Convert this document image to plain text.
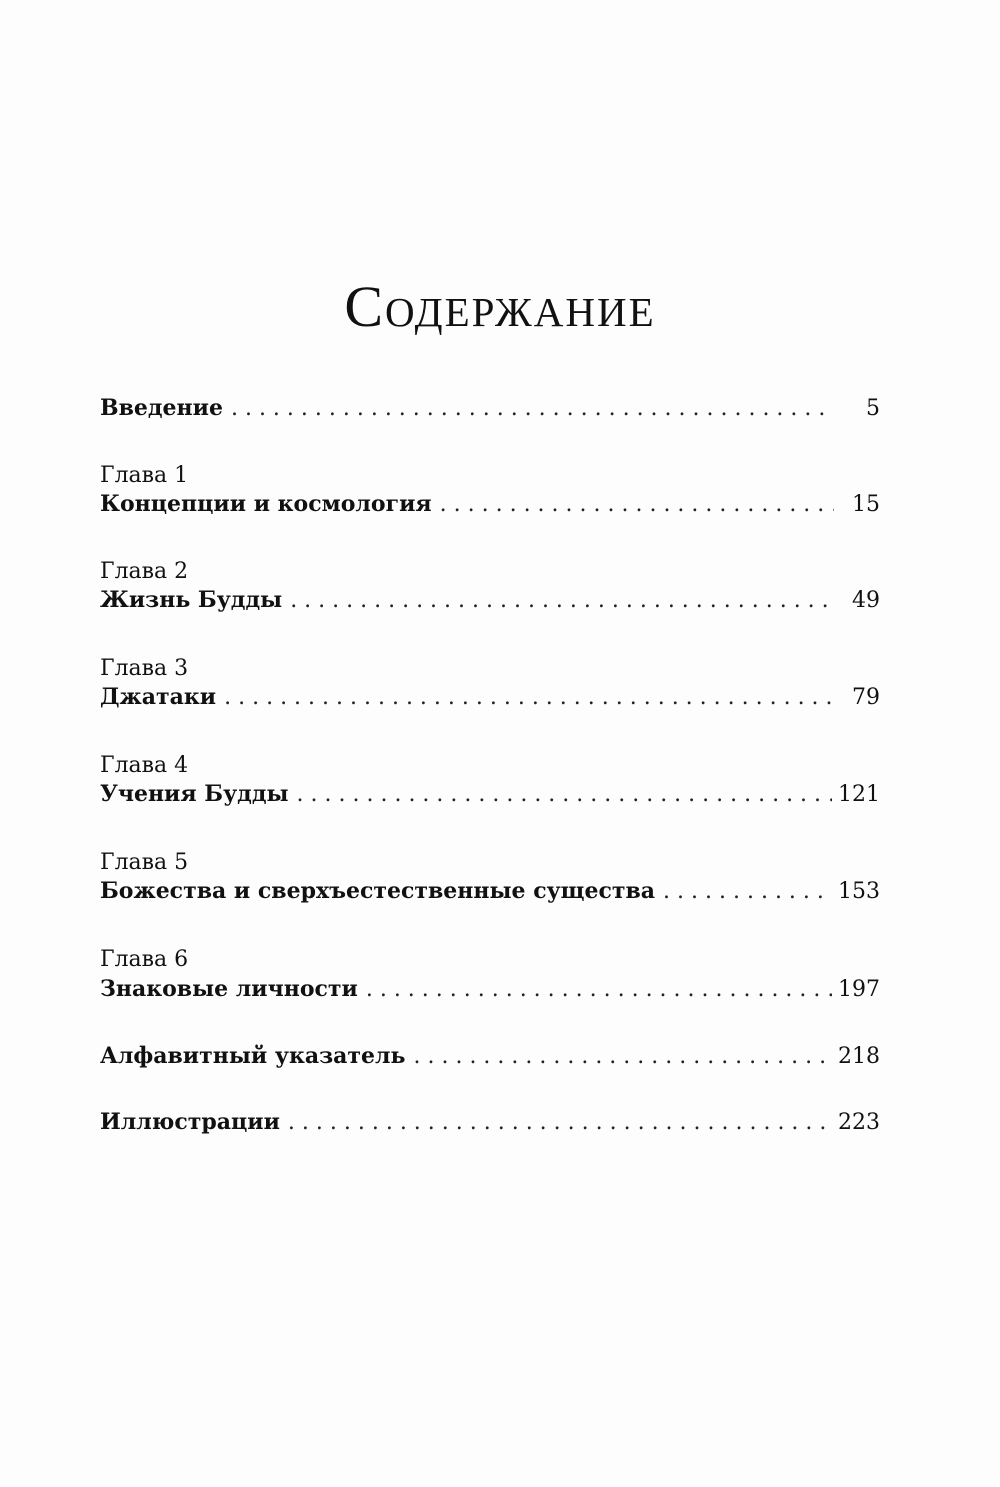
Содержание
Введение . . .	5
Глава 1
Концепции и космология . . .	15
Глава 2
Жизнь Будды . . .	49
Глава 3
Джатаки . . .	79
Глава 4
Учения Будды . . .	121
Глава 5
Божества и сверхъестественные существа . . .	153
Глава 6
Знаковые личности . . .	197
Алфавитный указатель . . .	218
Иллюстрации . . .	223
